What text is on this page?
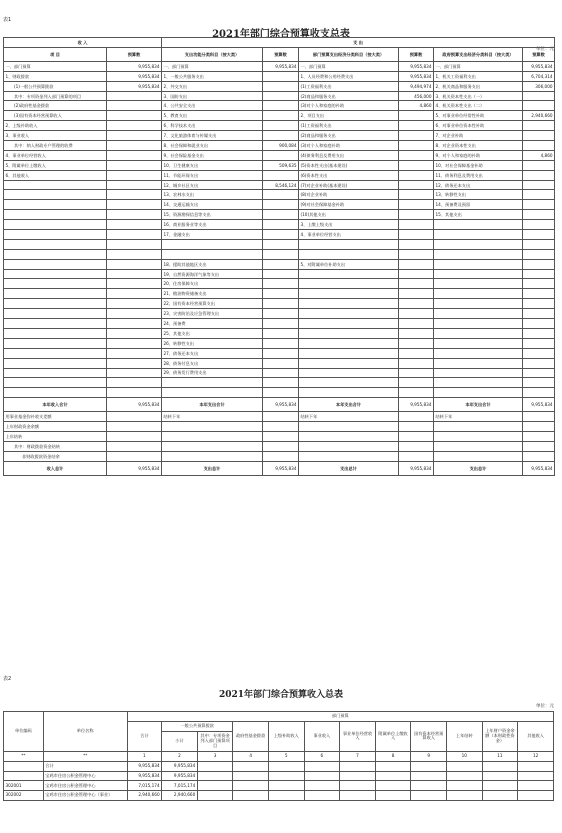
表1
2021年部门综合预算收支总表
单位：元
收 入		支 出					
项 目	预算数	支出功能分类科目（按大类）	预算数	部门预算支出经济分类科目（按大类）	预算数	政府预算支出经济分类科目（按大类）	预算数
一、部门预算	9,955,834	一、部门预算	9,955,834	一、部门预算	9,955,834	一、部门预算	9,955,834
1、财政拨款	9,955,834	1、一般公共服务支出		1、人员经费和公用经费支出	9,955,834	1、机关工资福利支出	6,704,314
(1)一般公共预算拨款	9,955,834	2、外交支出		(1)工资福利支出	9,494,974	2、机关商品和服务支出	306,000
其中：专项资金列入部门预算的项目		3、国防支出		(2)商品和服务支出	456,000	3、机关资本性支出（一）	
(2)政府性基金拨款		4、公共安全支出		(3)对个人和家庭的补助	4,860	4、机关资本性支出（二）	
(3)国有资本经营预算收入		5、教育支出		2、项目支出		5、对事业单位经常性补助	2,940,660
2、上级补助收入		6、科学技术支出		(1)工资福利支出		6、对事业单位资本性补助	
3、事业收入		7、文化旅游体育与传媒支出		(2)商品和服务支出		7、对企业补助	
其中：纳入财政专户管理的收费		8、社会保障和就业支出	900,084	(3)对个人和家庭补助		8、对企业资本性支出	
4、事业单位经营收入		9、社会保险基金支出		(4)债务利息及费用支出		9、对个人和家庭的补助	4,860
5、附属单位上缴收入		10、卫生健康支出	509,635	(5)资本性支出(基本建设)		10、对社会保障基金补助	
6、其他收入		11、节能环保支出		(6)资本性支出		11、债务利息及费用支出	
		12、城乡社区支出	8,546,124	(7)对企业补助(基本建设)		12、债务还本支出	
		13、农林水支出		(8)对企业补助		13、转移性支出	
		14、交通运输支出		(9)对社会保障基金补助		14、预备费及预留	
		15、资源勘探信息等支出		(10)其他支出		15、其他支出	
		16、商业服务业等支出		3、上缴上级支出			
		17、金融支出		4、事业单位经营支出			

		18、援助其他地区支出		5、对附属单位补助支出			
		19、自然资源海洋气象等支出					
		20、住房保障支出					
		21、粮油物资储备支出					
		22、国有资本经营预算支出					
		23、灾害防治及应急管理支出					
		24、预备费					
		25、其他支出					
		26、转移性支出					
		27、债务还本支出					
		28、债务付息支出					
		29、债务发行费用支出					

本年收入合计	9,955,834	本年支出合计	9,955,834	本年支出合计	9,955,834	本年支出合计	9,955,834
用事业基金弥补收支差额		结转下年		结转下年		结转下年	
上年财政资金余额							
上年结转							
其中：财政拨款资金结转							
非财政拨款资金结余							
收入总计	9,955,834	支出总计	9,955,834	支出总计	9,955,834	支出总计	9,955,834
表2
2021年部门综合预算收入总表
单位：元
单位编码	单位名称	部门预算											
		合计	一般公共预算拨款		政府性基金拨款	上级补助收入	事业收入	事业单位经营收入	附属单位上缴收入	国有资本经营预算收入	上年结转	上年财户资金余额（本财政性资金）	其他收入
			小计	其中：专项资金列入部门预算项目									
**	**	1	2	3	4	5	6	7	8	9	10	11	12
	合计	9,955,834	9,955,834										
	宝鸡市住房公积金管理中心	9,955,834	9,955,834										
302001	宝鸡市住房公积金管理中心	7,015,174	7,015,174										
302002	宝鸡市住房公积金管理中心（事业）	2,940,660	2,940,660										
